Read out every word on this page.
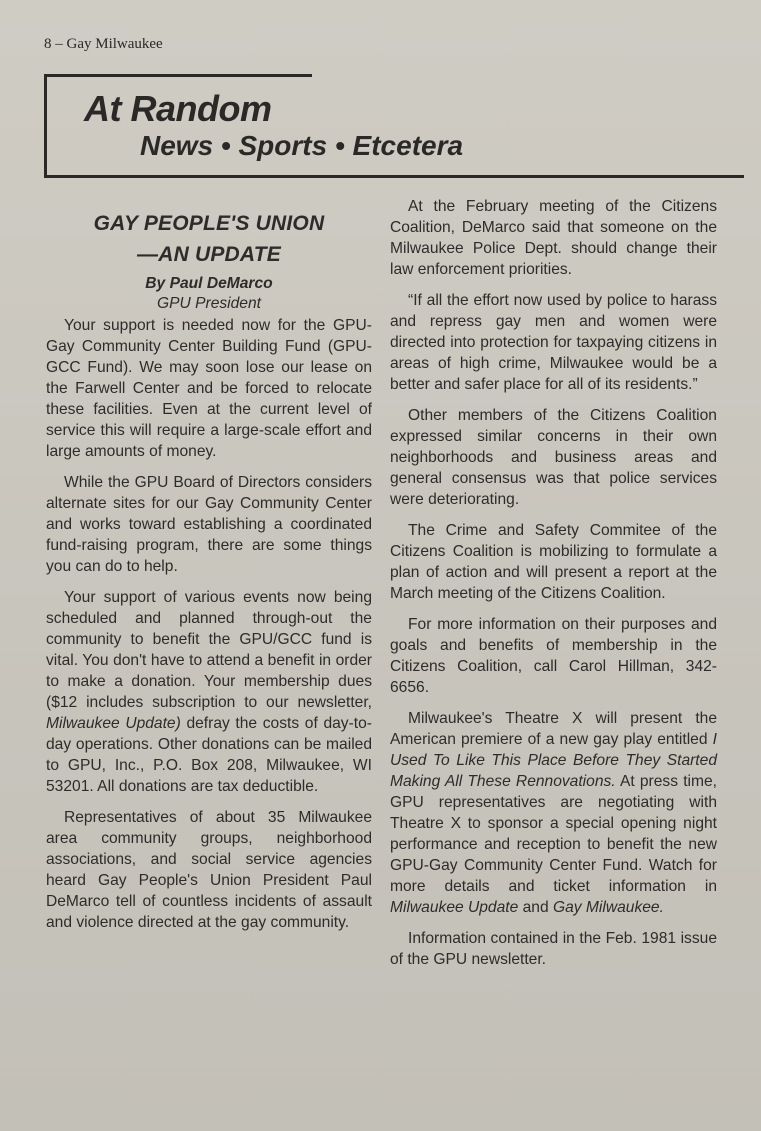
8 – Gay Milwaukee
At Random
News • Sports • Etcetera
GAY PEOPLE'S UNION
—AN UPDATE
By Paul DeMarco
GPU President

Your support is needed now for the GPU-Gay Community Center Building Fund (GPU-GCC Fund). We may soon lose our lease on the Farwell Center and be forced to relocate these facilities. Even at the current level of service this will require a large-scale effort and large amounts of money.

While the GPU Board of Directors considers alternate sites for our Gay Community Center and works toward establishing a coordinated fund-raising program, there are some things you can do to help.

Your support of various events now being scheduled and planned through-out the community to benefit the GPU/GCC fund is vital. You don't have to attend a benefit in order to make a donation. Your membership dues ($12 includes subscription to our newsletter, Milwaukee Update) defray the costs of day-to-day operations. Other donations can be mailed to GPU, Inc., P.O. Box 208, Milwaukee, WI 53201. All donations are tax deductible.

Representatives of about 35 Milwaukee area community groups, neighborhood associations, and social service agencies heard Gay People's Union President Paul DeMarco tell of countless incidents of assault and violence directed at the gay community.

At the February meeting of the Citizens Coalition, DeMarco said that someone on the Milwaukee Police Dept. should change their law enforcement priorities.

“If all the effort now used by police to harass and repress gay men and women were directed into protection for taxpaying citizens in areas of high crime, Milwaukee would be a better and safer place for all of its residents.”

Other members of the Citizens Coalition expressed similar concerns in their own neighborhoods and business areas and general consensus was that police services were deteriorating.

The Crime and Safety Commitee of the Citizens Coalition is mobilizing to formulate a plan of action and will present a report at the March meeting of the Citizens Coalition.

For more information on their purposes and goals and benefits of membership in the Citizens Coalition, call Carol Hillman, 342-6656.

Milwaukee's Theatre X will present the American premiere of a new gay play entitled I Used To Like This Place Before They Started Making All These Rennovations. At press time, GPU representatives are negotiating with Theatre X to sponsor a special opening night performance and reception to benefit the new GPU-Gay Community Center Fund. Watch for more details and ticket information in Milwaukee Update and Gay Milwaukee.

Information contained in the Feb. 1981 issue of the GPU newsletter.
